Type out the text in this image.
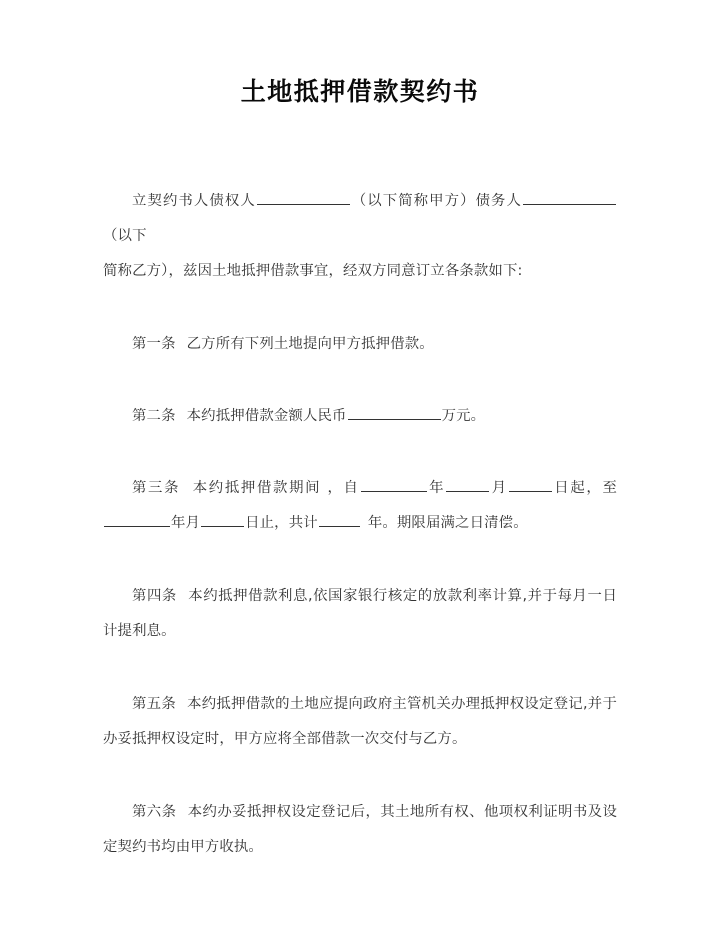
土地抵押借款契约书

立契约书人债权人	（以下简称甲方）债务人（以下

简称乙方），兹因土地抵押借款事宜，经双方同意订立各条款如下:

第一条 乙方所有下列土地提向甲方抵押借款。

第二条 本约抵押借款金额人民币	万元。

第三条 本约抵押借款期间 ，自	年	月	日起，至年月	日止，共计	年。期限届满之日清偿。

第四条 本约抵押借款利息,依国家银行核定的放款利率计算,并于每月一日计提利息。

第五条 本约抵押借款的土地应提向政府主管机关办理抵押权设定登记,并于办妥抵押权设定时，甲方应将全部借款一次交付与乙方。

第六条 本约办妥抵押权设定登记后，其土地所有权、他项权利证明书及设定契约书均由甲方收执。
